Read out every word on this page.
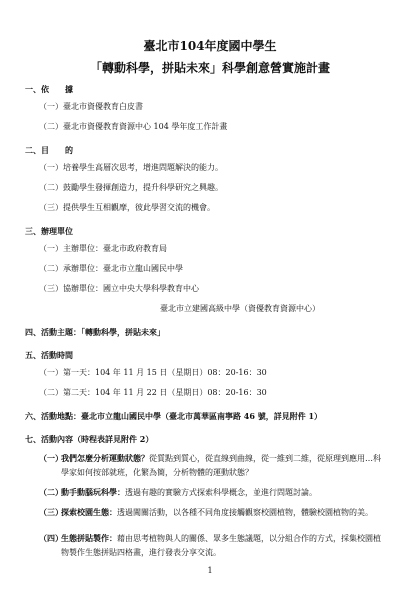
臺北市104年度國中學生
「轉動科學，拼貼未來」科學創意營實施計畫
一、依　　據
（一）臺北市資優教育白皮書
（二）臺北市資優教育資源中心 104 學年度工作計畫
二、目　　的
（一）培養學生高層次思考，增進問題解決的能力。
（二）鼓勵學生發揮創造力，提升科學研究之興趣。
（三）提供學生互相觀摩，彼此學習交流的機會。
三、辦理單位
（一）主辦單位：臺北市政府教育局
（二）承辦單位：臺北市立龍山國民中學
（三）協辦單位：國立中央大學科學教育中心
臺北市立建國高級中學（資優教育資源中心）
四、活動主題：「轉動科學，拼貼未來」
五、活動時間
（一）第一天：104 年 11 月 15 日（星期日）08：20-16：30
（二）第二天：104 年 11 月 22 日（星期日）08：20-16：30
六、活動地點：臺北市立龍山國民中學（臺北市萬華區南寧路 46 號，詳見附件 1）
七、活動內容（時程表詳見附件 2）
（一）
我們怎麼分析運動狀態？從質點到質心，從直線到曲線，從一維到二維，從原理到應用…科學家如何按部就班，化繁為簡，分析物體的運動狀態？
（二）
動手動腦玩科學：透過有趣的實驗方式探索科學概念，並進行問題討論。
（三）
探索校園生態：透過闖關活動，以各種不同角度接觸觀察校園植物，體驗校園植物的美。
（四）
生態拼貼製作：藉由思考植物與人的關係、眾多生態議題，以分組合作的方式，採集校園植物製作生態拼貼四格畫，進行發表分享交流。
1
